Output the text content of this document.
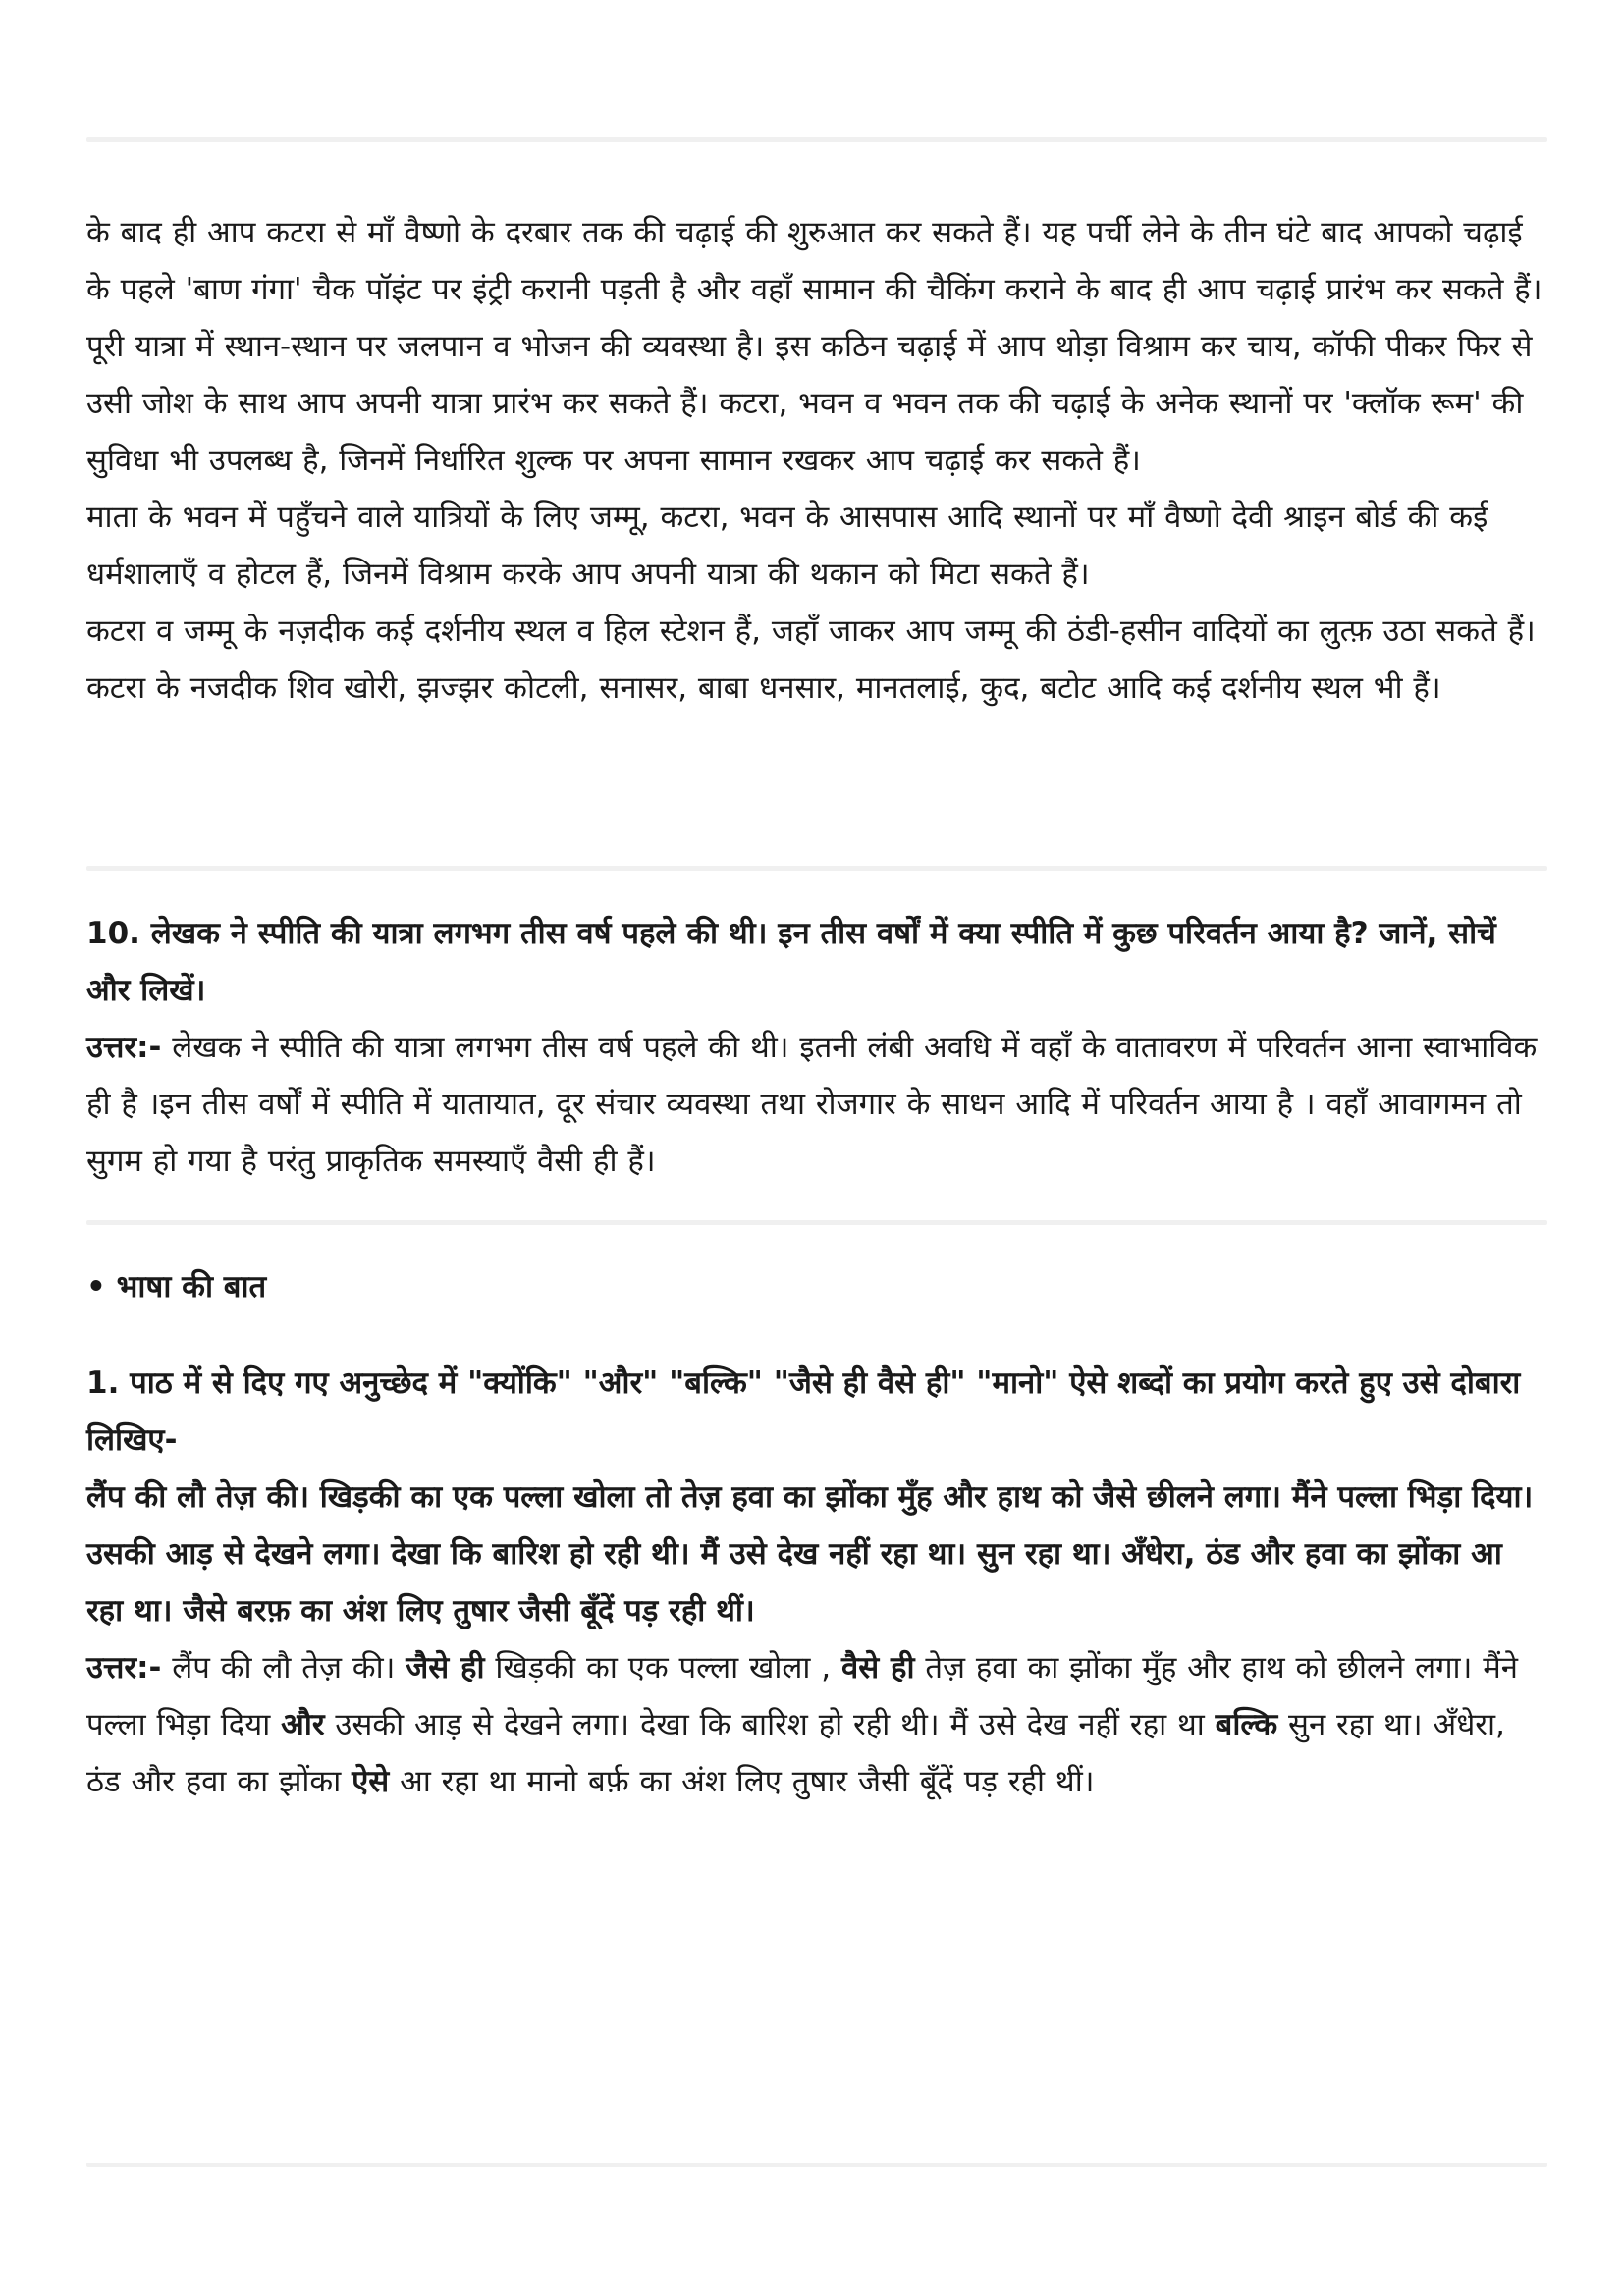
के बाद ही आप कटरा से माँ वैष्णो के दरबार तक की चढ़ाई की शुरुआत कर सकते हैं। यह पर्ची लेने के तीन घंटे बाद आपको चढ़ाई के पहले 'बाण गंगा' चैक पॉइंट पर इंट्री करानी पड़ती है और वहाँ सामान की चैकिंग कराने के बाद ही आप चढ़ाई प्रारंभ कर सकते हैं।

पूरी यात्रा में स्थान-स्थान पर जलपान व भोजन की व्यवस्था है। इस कठिन चढ़ाई में आप थोड़ा विश्राम कर चाय, कॉफी पीकर फिर से उसी जोश के साथ आप अपनी यात्रा प्रारंभ कर सकते हैं। कटरा, भवन व भवन तक की चढ़ाई के अनेक स्थानों पर 'क्लॉक रूम' की सुविधा भी उपलब्ध है, जिनमें निर्धारित शुल्क पर अपना सामान रखकर आप चढ़ाई कर सकते हैं।

माता के भवन में पहुँचने वाले यात्रियों के लिए जम्मू, कटरा, भवन के आसपास आदि स्थानों पर माँ वैष्णो देवी श्राइन बोर्ड की कई धर्मशालाएँ व होटल हैं, जिनमें विश्राम करके आप अपनी यात्रा की थकान को मिटा सकते हैं।

कटरा व जम्मू के नज़दीक कई दर्शनीय स्थल व हिल स्टेशन हैं, जहाँ जाकर आप जम्मू की ठंडी-हसीन वादियों का लुत्फ़ उठा सकते हैं। कटरा के नजदीक शिव खोरी, झज्झर कोटली, सनासर, बाबा धनसार, मानतलाई, कुद, बटोट आदि कई दर्शनीय स्थल भी हैं।

10. लेखक ने स्पीति की यात्रा लगभग तीस वर्ष पहले की थी। इन तीस वर्षों में क्या स्पीति में कुछ परिवर्तन आया है? जानें, सोचें और लिखें।

उत्तर:- लेखक ने स्पीति की यात्रा लगभग तीस वर्ष पहले की थी। इतनी लंबी अवधि में वहाँ के वातावरण में परिवर्तन आना स्वाभाविक ही है ।इन तीस वर्षों में स्पीति में यातायात, दूर संचार व्यवस्था तथा रोजगार के साधन आदि में परिवर्तन आया है । वहाँ आवागमन तो सुगम हो गया है परंतु प्राकृतिक समस्याएँ वैसी ही हैं।

• भाषा की बात

1. पाठ में से दिए गए अनुच्छेद में "क्योंकि" "और" "बल्कि" "जैसे ही वैसे ही" "मानो" ऐसे शब्दों का प्रयोग करते हुए उसे दोबारा लिखिए-

लैंप की लौ तेज़ की। खिड़की का एक पल्ला खोला तो तेज़ हवा का झोंका मुँह और हाथ को जैसे छीलने लगा। मैंने पल्ला भिड़ा दिया। उसकी आड़ से देखने लगा। देखा कि बारिश हो रही थी। मैं उसे देख नहीं रहा था। सुन रहा था। अँधेरा, ठंड और हवा का झोंका आ रहा था। जैसे बरफ़ का अंश लिए तुषार जैसी बूँदें पड़ रही थीं।

उत्तर:- लैंप की लौ तेज़ की। जैसे ही खिड़की का एक पल्ला खोला , वैसे ही तेज़ हवा का झोंका मुँह और हाथ को छीलने लगा। मैंने पल्ला भिड़ा दिया और उसकी आड़ से देखने लगा। देखा कि बारिश हो रही थी। मैं उसे देख नहीं रहा था बल्कि सुन रहा था। अँधेरा, ठंड और हवा का झोंका ऐसे आ रहा था मानो बर्फ़ का अंश लिए तुषार जैसी बूँदें पड़ रही थीं।
